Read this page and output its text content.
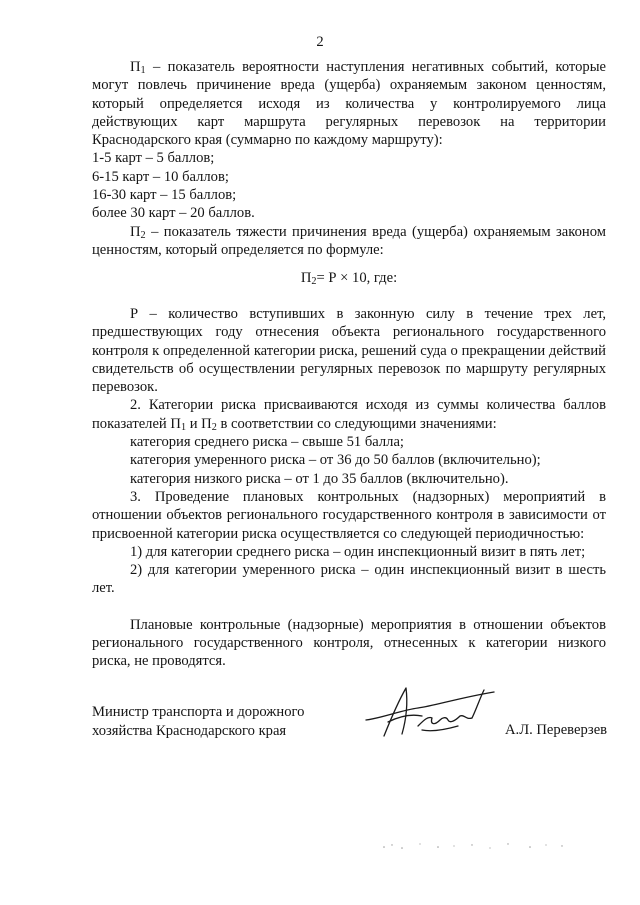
2

$П_1$ – показатель вероятности наступления негативных событий, которые могут повлечь причинение вреда (ущерба) охраняемым законом ценностям, который определяется исходя из количества у контролируемого лица действующих карт маршрута регулярных перевозок на территории Краснодарского края (суммарно по каждому маршруту):

1-5 карт – 5 баллов;
6-15 карт – 10 баллов;
16-30 карт – 15 баллов;
более 30 карт – 20 баллов.

$П_2$ – показатель тяжести причинения вреда (ущерба) охраняемым законом ценностям, который определяется по формуле:

$П_2= Р \times 10$, где:

Р – количество вступивших в законную силу в течение трех лет, предшествующих году отнесения объекта регионального государственного контроля к определенной категории риска, решений суда о прекращении действий свидетельств об осуществлении регулярных перевозок по маршруту регулярных перевозок.

2. Категории риска присваиваются исходя из суммы количества баллов показателей $П_1$ и $П_2$ в соответствии со следующими значениями:

категория среднего риска – свыше 51 балла;

категория умеренного риска – от 36 до 50 баллов (включительно);

категория низкого риска – от 1 до 35 баллов (включительно).

3. Проведение плановых контрольных (надзорных) мероприятий в отношении объектов регионального государственного контроля в зависимости от присвоенной категории риска осуществляется со следующей периодичностью:

1) для категории среднего риска – один инспекционный визит в пять лет;

2) для категории умеренного риска – один инспекционный визит в шесть лет.

Плановые контрольные (надзорные) мероприятия в отношении объектов регионального государственного контроля, отнесенных к категории низкого риска, не проводятся.

Министр транспорта и дорожного
хозяйства Краснодарского края	А.Л. Переверзев
